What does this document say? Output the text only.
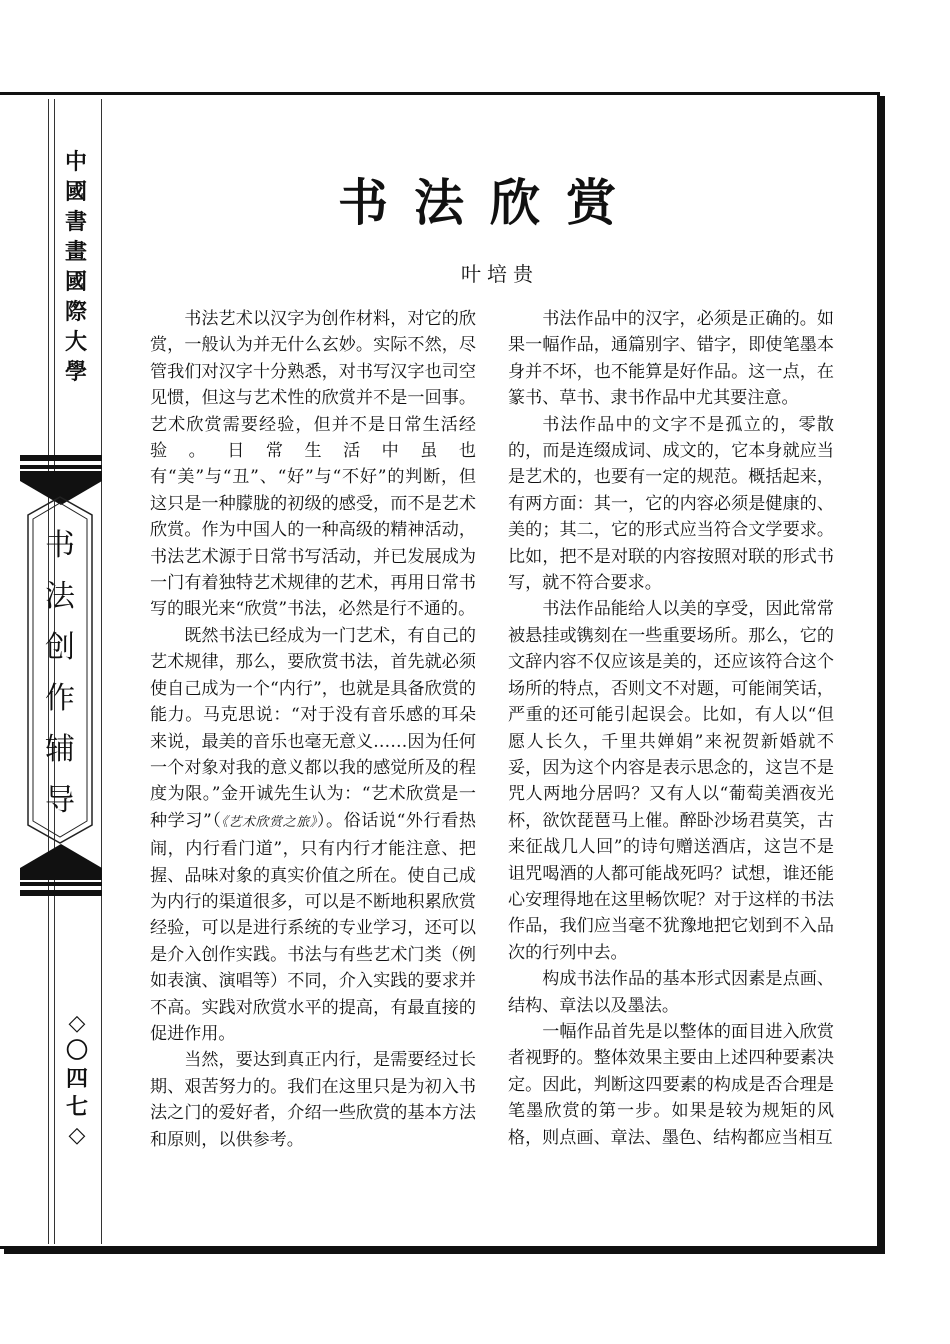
中
國
書
畫
國
際
大
學
书
法
创
作
辅
导
◇
〇
四
七
◇
书法欣赏
叶培贵

书法艺术以汉字为创作材料，对它的欣赏，一般认为并无什么玄妙。实际不然，尽管我们对汉字十分熟悉，对书写汉字也司空见惯，但这与艺术性的欣赏并不是一回事。艺术欣赏需要经验，但并不是日常生活经验。日常生活中虽也有“美”与“丑”、“好”与“不好”的判断，但这只是一种朦胧的初级的感受，而不是艺术欣赏。作为中国人的一种高级的精神活动，书法艺术源于日常书写活动，并已发展成为一门有着独特艺术规律的艺术，再用日常书写的眼光来“欣赏”书法，必然是行不通的。

既然书法已经成为一门艺术，有自己的艺术规律，那么，要欣赏书法，首先就必须使自己成为一个“内行”，也就是具备欣赏的能力。马克思说：“对于没有音乐感的耳朵来说，最美的音乐也毫无意义……因为任何一个对象对我的意义都以我的感觉所及的程度为限。”金开诚先生认为：“艺术欣赏是一种学习”（《艺术欣赏之旅》）。俗话说“外行看热闹，内行看门道”，只有内行才能注意、把握、品味对象的真实价值之所在。使自己成为内行的渠道很多，可以是不断地积累欣赏经验，可以是进行系统的专业学习，还可以是介入创作实践。书法与有些艺术门类（例如表演、演唱等）不同，介入实践的要求并不高。实践对欣赏水平的提高，有最直接的促进作用。

当然，要达到真正内行，是需要经过长期、艰苦努力的。我们在这里只是为初入书法之门的爱好者，介绍一些欣赏的基本方法和原则，以供参考。

书法作品中的汉字，必须是正确的。如果一幅作品，通篇别字、错字，即使笔墨本身并不坏，也不能算是好作品。这一点，在篆书、草书、隶书作品中尤其要注意。

书法作品中的文字不是孤立的，零散的，而是连缀成词、成文的，它本身就应当是艺术的，也要有一定的规范。概括起来，有两方面：其一，它的内容必须是健康的、美的；其二，它的形式应当符合文学要求。比如，把不是对联的内容按照对联的形式书写，就不符合要求。

书法作品能给人以美的享受，因此常常被悬挂或镌刻在一些重要场所。那么，它的文辞内容不仅应该是美的，还应该符合这个场所的特点，否则文不对题，可能闹笑话，严重的还可能引起误会。比如，有人以“但愿人长久，千里共婵娟”来祝贺新婚就不妥，因为这个内容是表示思念的，这岂不是咒人两地分居吗？又有人以“葡萄美酒夜光杯，欲饮琵琶马上催。醉卧沙场君莫笑，古来征战几人回”的诗句赠送酒店，这岂不是诅咒喝酒的人都可能战死吗？试想，谁还能心安理得地在这里畅饮呢？对于这样的书法作品，我们应当毫不犹豫地把它划到不入品次的行列中去。

构成书法作品的基本形式因素是点画、结构、章法以及墨法。

一幅作品首先是以整体的面目进入欣赏者视野的。整体效果主要由上述四种要素决定。因此，判断这四要素的构成是否合理是笔墨欣赏的第一步。如果是较为规矩的风格，则点画、章法、墨色、结构都应当相互
